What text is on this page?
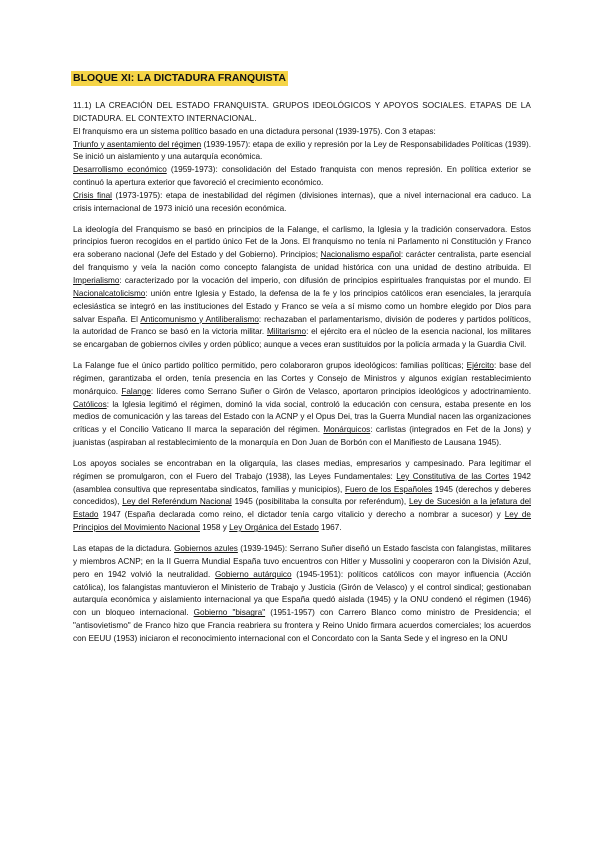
BLOQUE XI: LA DICTADURA FRANQUISTA

11.1) LA CREACIÓN DEL ESTADO FRANQUISTA. GRUPOS IDEOLÓGICOS Y APOYOS SOCIALES. ETAPAS DE LA DICTADURA. EL CONTEXTO INTERNACIONAL.

El franquismo era un sistema político basado en una dictadura personal (1939-1975). Con 3 etapas:
Triunfo y asentamiento del régimen (1939-1957): etapa de exilio y represión por la Ley de Responsabilidades Políticas (1939). Se inició un aislamiento y una autarquía económica.
Desarrollismo económico (1959-1973): consolidación del Estado franquista con menos represión. En política exterior se continuó la apertura exterior que favoreció el crecimiento económico.
Crisis final (1973-1975): etapa de inestabilidad del régimen (divisiones internas), que a nivel internacional era caduco. La crisis internacional de 1973 inició una recesión económica.

La ideología del Franquismo se basó en principios de la Falange, el carlismo, la Iglesia y la tradición conservadora. Estos principios fueron recogidos en el partido único Fet de la Jons. El franquismo no tenía ni Parlamento ni Constitución y Franco era soberano nacional (Jefe del Estado y del Gobierno). Principios; Nacionalismo español: carácter centralista, parte esencial del franquismo y veía la nación como concepto falangista de unidad histórica con una unidad de destino atribuida. El Imperialismo: caracterizado por la vocación del imperio, con difusión de principios espirituales franquistas por el mundo. El Nacionalcatolicismo: unión entre Iglesia y Estado, la defensa de la fe y los principios católicos eran esenciales, la jerarquía eclesiástica se integró en las instituciones del Estado y Franco se veía a sí mismo como un hombre elegido por Dios para salvar España. El Anticomunismo y Antiliberalismo: rechazaban el parlamentarismo, división de poderes y partidos políticos, la autoridad de Franco se basó en la victoria militar. Militarismo: el ejército era el núcleo de la esencia nacional, los militares se encargaban de gobiernos civiles y orden público; aunque a veces eran sustituidos por la policía armada y la Guardia Civil.

La Falange fue el único partido político permitido, pero colaboraron grupos ideológicos: familias políticas; Ejército: base del régimen, garantizaba el orden, tenía presencia en las Cortes y Consejo de Ministros y algunos exigían restablecimiento monárquico. Falange: líderes como Serrano Suñer o Girón de Velasco, aportaron principios ideológicos y adoctrinamiento. Católicos: la Iglesia legitimó el régimen, dominó la vida social, controló la educación con censura, estaba presente en los medios de comunicación y las tareas del Estado con la ACNP y el Opus Dei, tras la Guerra Mundial nacen las organizaciones críticas y el Concilio Vaticano II marca la separación del régimen. Monárquicos: carlistas (integrados en Fet de la Jons) y juanistas (aspiraban al restablecimiento de la monarquía en Don Juan de Borbón con el Manifiesto de Lausana 1945).

Los apoyos sociales se encontraban en la oligarquía, las clases medias, empresarios y campesinado. Para legitimar el régimen se promulgaron, con el Fuero del Trabajo (1938), las Leyes Fundamentales: Ley Constitutiva de las Cortes 1942 (asamblea consultiva que representaba sindicatos, familias y municipios), Fuero de los Españoles 1945 (derechos y deberes concedidos), Ley del Referéndum Nacional 1945 (posibilitaba la consulta por referéndum), Ley de Sucesión a la jefatura del Estado 1947 (España declarada como reino, el dictador tenía cargo vitalicio y derecho a nombrar a sucesor) y Ley de Principios del Movimiento Nacional 1958 y Ley Orgánica del Estado 1967.

Las etapas de la dictadura. Gobiernos azules (1939-1945): Serrano Suñer diseñó un Estado fascista con falangistas, militares y miembros ACNP; en la II Guerra Mundial España tuvo encuentros con Hitler y Mussolini y cooperaron con la División Azul, pero en 1942 volvió la neutralidad. Gobierno autárquico (1945-1951): políticos católicos con mayor influencia (Acción católica), los falangistas mantuvieron el Ministerio de Trabajo y Justicia (Girón de Velasco) y el control sindical; gestionaban autarquía económica y aislamiento internacional ya que España quedó aislada (1945) y la ONU condenó el régimen (1946) con un bloqueo internacional. Gobierno "bisagra" (1951-1957) con Carrero Blanco como ministro de Presidencia; el "antisovietismo" de Franco hizo que Francia reabriera su frontera y Reino Unido firmara acuerdos comerciales; los acuerdos con EEUU (1953) iniciaron el reconocimiento internacional con el Concordato con la Santa Sede y el ingreso en la ONU
